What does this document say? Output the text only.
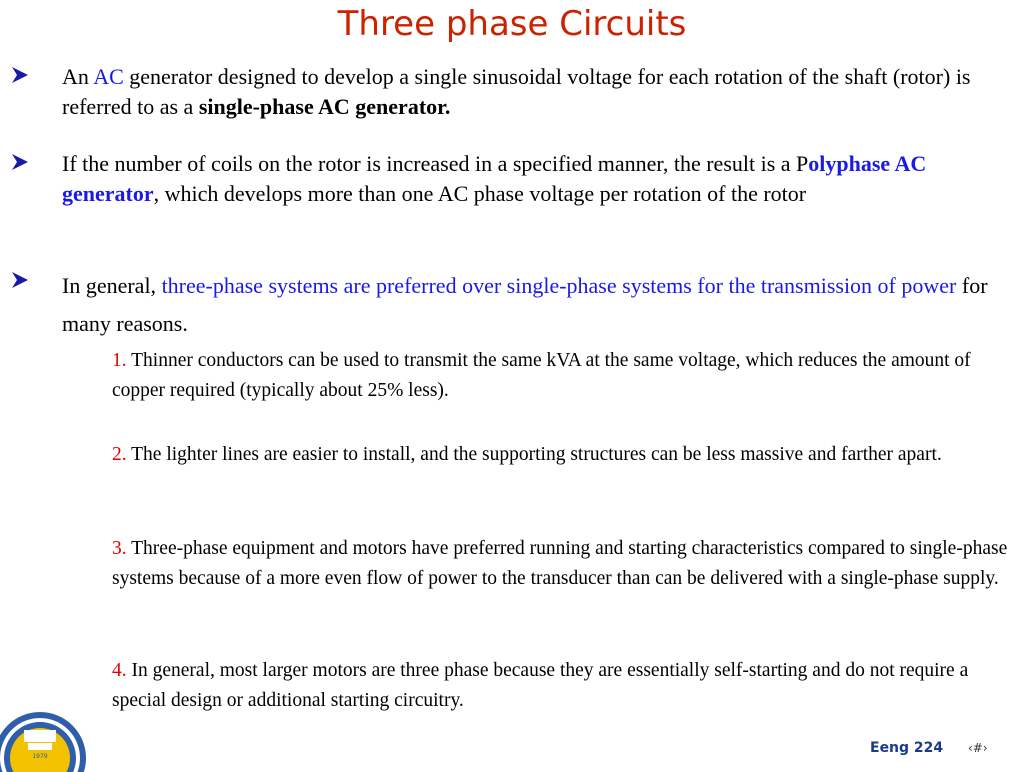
Three phase Circuits
An AC generator designed to develop a single sinusoidal voltage for each rotation of the shaft (rotor) is referred to as a single-phase AC generator.
If the number of coils on the rotor is increased in a specified manner, the result is a Polyphase AC generator, which develops more than one AC phase voltage per rotation of the rotor
In general, three-phase systems are preferred over single-phase systems for the transmission of power for many reasons.
1. Thinner conductors can be used to transmit the same kVA at the same voltage, which reduces the amount of copper required (typically about 25% less).
2. The lighter lines are easier to install, and the supporting structures can be less massive and farther apart.
3. Three-phase equipment and motors have preferred running and starting characteristics compared to single-phase systems because of a more even flow of power to the transducer than can be delivered with a single-phase supply.
4. In general, most larger motors are three phase because they are essentially self-starting and do not require a special design or additional starting circuitry.
1979
Eeng 224 ‹#›
